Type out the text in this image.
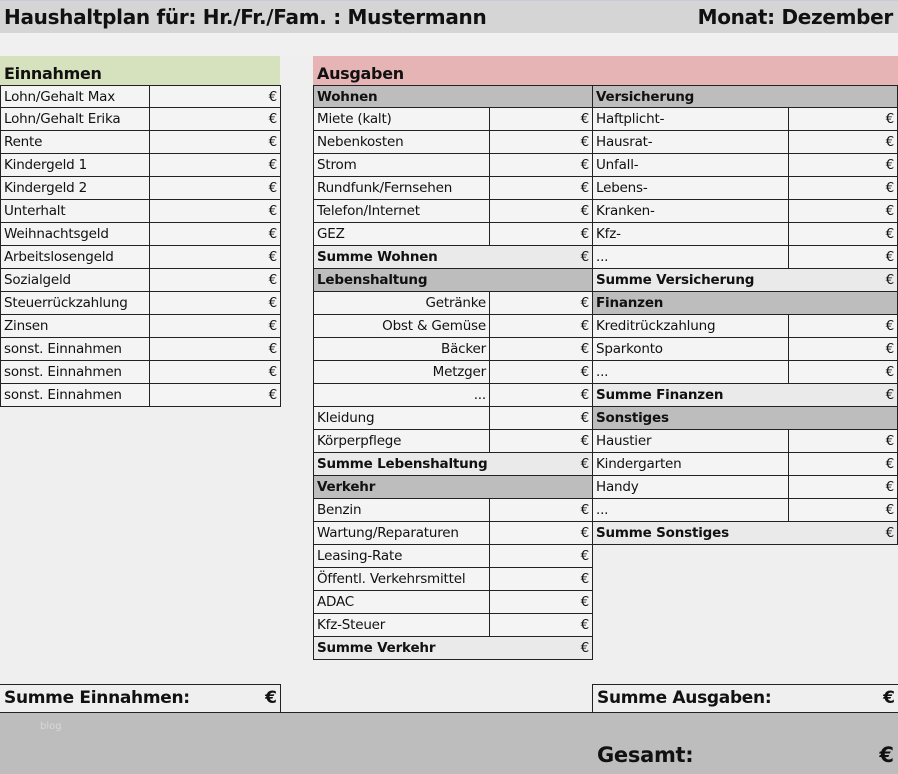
Haushaltplan für: Hr./Fr./Fam. : Mustermann	Monat: Dezember
Einnahmen	Ausgaben
Lohn/Gehalt Max	€
Lohn/Gehalt Erika	€
Rente	€
Kindergeld 1	€
Kindergeld 2	€
Unterhalt	€
Weihnachtsgeld	€
Arbeitslosengeld	€
Sozialgeld	€
Steuerrückzahlung	€
Zinsen	€
sonst. Einnahmen	€
sonst. Einnahmen	€
sonst. Einnahmen	€
Wohnen
Miete (kalt)	€
Nebenkosten	€
Strom	€
Rundfunk/Fernsehen	€
Telefon/Internet	€
GEZ	€
Summe Wohnen	€
Lebenshaltung
Getränke	€
Obst & Gemüse	€
Bäcker	€
Metzger	€
...	€
Kleidung	€
Körperpflege	€
Summe Lebenshaltung	€
Verkehr
Benzin	€
Wartung/Reparaturen	€
Leasing-Rate	€
Öffentl. Verkehrsmittel	€
ADAC	€
Kfz-Steuer	€
Summe Verkehr	€
Versicherung
Haftplicht-	€
Hausrat-	€
Unfall-	€
Lebens-	€
Kranken-	€
Kfz-	€
...	€
Summe Versicherung	€
Finanzen
Kreditrückzahlung	€
Sparkonto	€
...	€
Summe Finanzen	€
Sonstiges
Haustier	€
Kindergarten	€
Handy	€
...	€
Summe Sonstiges	€
Summe Einnahmen:	€	Summe Ausgaben:	€
blog
Gesamt:	€
